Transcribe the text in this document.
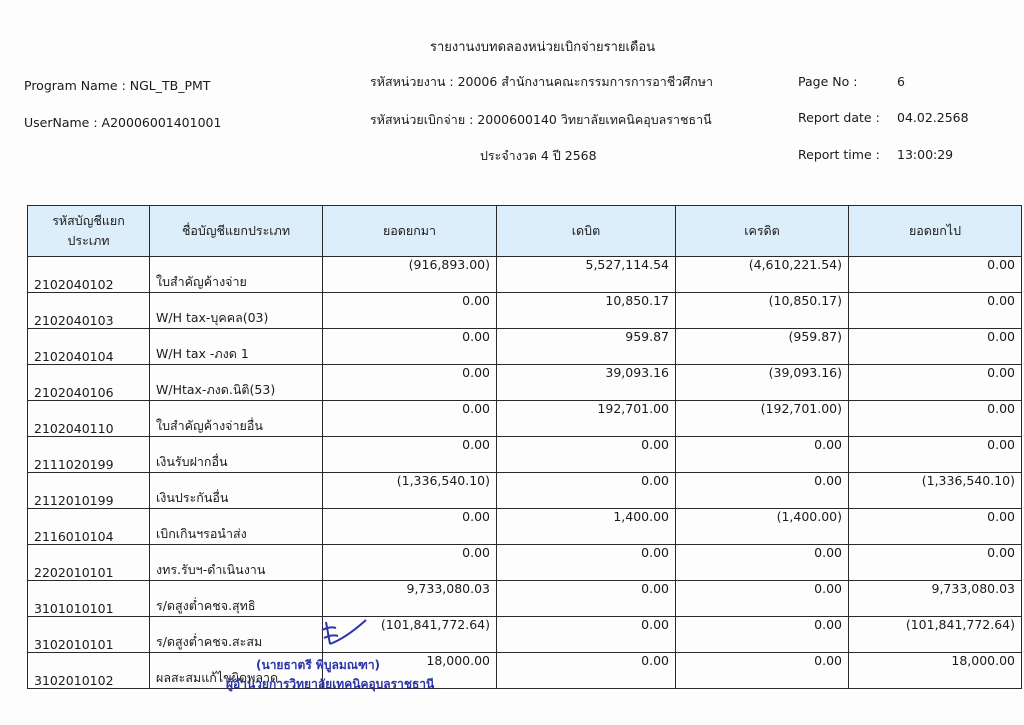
รายงานงบทดลองหน่วยเบิกจ่ายรายเดือน
Program Name : NGL_TB_PMT
UserName : A20006001401001
รหัสหน่วยงาน : 20006 สำนักงานคณะกรรมการการอาชีวศึกษา
รหัสหน่วยเบิกจ่าย : 2000600140 วิทยาลัยเทคนิคอุบลราชธานี
ประจำงวด 4 ปี 2568
Page No :	6
Report date : 04.02.2568
Report time : 13:00:29
รหัสบัญชีแยกประเภท	ชื่อบัญชีแยกประเภท	ยอดยกมา	เดบิต	เครดิต	ยอดยกไป
2102040102	ใบสำคัญค้างจ่าย	(916,893.00)	5,527,114.54	(4,610,221.54)	0.00
2102040103	W/H tax-บุคคล(03)	0.00	10,850.17	(10,850.17)	0.00
2102040104	W/H tax -ภงด 1	0.00	959.87	(959.87)	0.00
2102040106	W/Htax-ภงด.นิติ(53)	0.00	39,093.16	(39,093.16)	0.00
2102040110	ใบสำคัญค้างจ่ายอื่น	0.00	192,701.00	(192,701.00)	0.00
2111020199	เงินรับฝากอื่น	0.00	0.00	0.00	0.00
2112010199	เงินประกันอื่น	(1,336,540.10)	0.00	0.00	(1,336,540.10)
2116010104	เบิกเกินฯรอนำส่ง	0.00	1,400.00	(1,400.00)	0.00
2202010101	งทร.รับฯ-ดำเนินงาน	0.00	0.00	0.00	0.00
3101010101	ร/ดสูงต่ำคชจ.สุทธิ	9,733,080.03	0.00	0.00	9,733,080.03
3102010101	ร/ดสูงต่ำคชจ.สะสม	(101,841,772.64)	0.00	0.00	(101,841,772.64)
3102010102	ผลสะสมแก้ไขผิดพลาด	18,000.00	0.00	0.00	18,000.00
(นายธาตรี พิบูลมณฑา)
ผู้อำนวยการวิทยาลัยเทคนิคอุบลราชธานี
